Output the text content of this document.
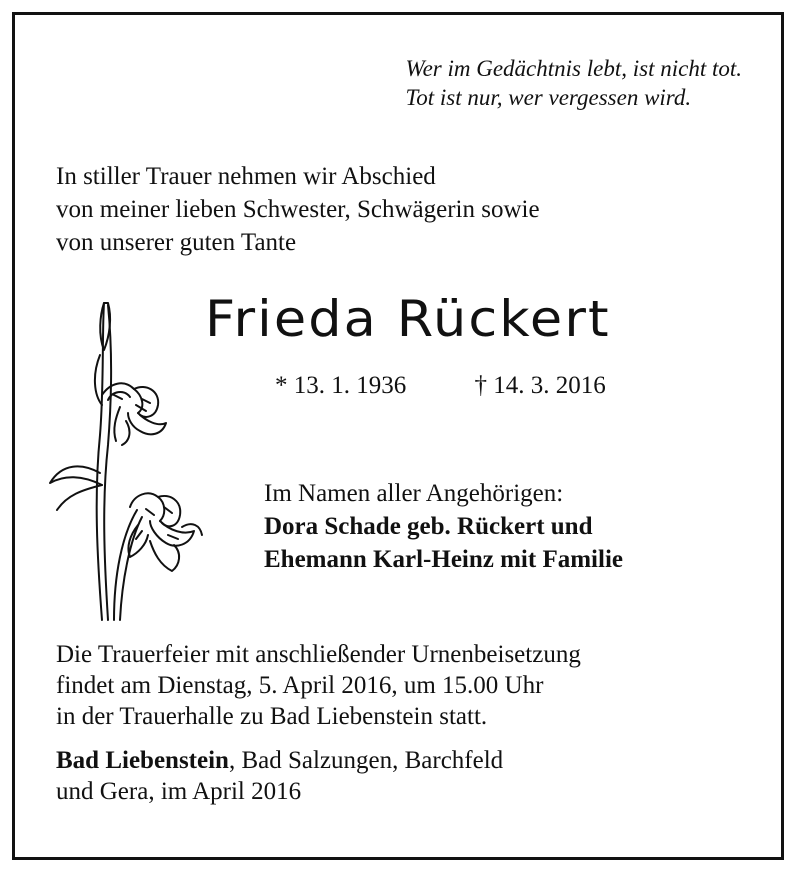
Wer im Gedächtnis lebt, ist nicht tot.
Tot ist nur, wer vergessen wird.
In stiller Trauer nehmen wir Abschied
von meiner lieben Schwester, Schwägerin sowie
von unserer guten Tante
Frieda Rückert
* 13. 1. 1936	† 14. 3. 2016
Im Namen aller Angehörigen:
Dora Schade geb. Rückert und
Ehemann Karl-Heinz mit Familie
Die Trauerfeier mit anschließender Urnenbeisetzung
findet am Dienstag, 5. April 2016, um 15.00 Uhr
in der Trauerhalle zu Bad Liebenstein statt.
Bad Liebenstein, Bad Salzungen, Barchfeld
und Gera, im April 2016
